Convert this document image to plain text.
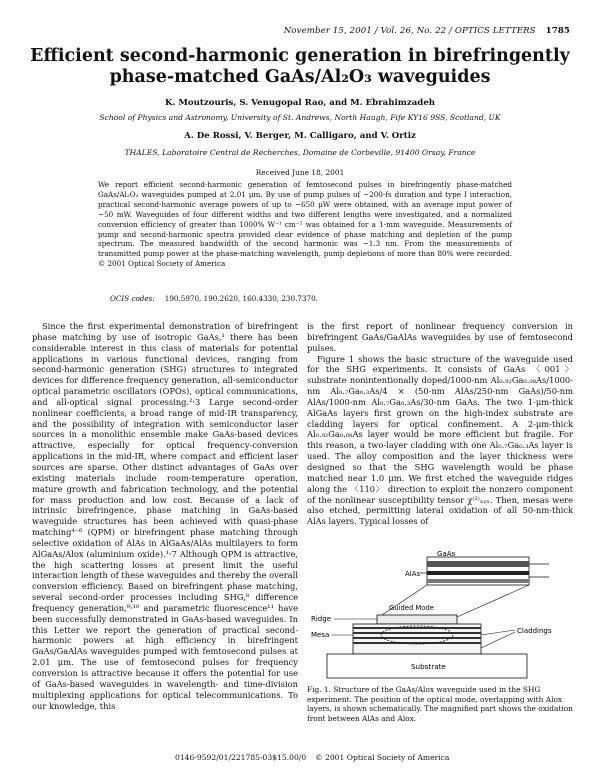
November 15, 2001 / Vol. 26, No. 22 / OPTICS LETTERS 1785
Efficient second-harmonic generation in birefringently
phase-matched GaAs/Al₂O₃ waveguides
K. Moutzouris, S. Venugopal Rao, and M. Ebrahimzadeh
School of Physics and Astronomy, University of St. Andrews, North Haugh, Fife KY16 9SS, Scotland, UK
A. De Rossi, V. Berger, M. Calligaro, and V. Ortiz
THALES, Laboratoire Central de Recherches, Domaine de Corbeville, 91400 Orsay, France
Received June 18, 2001
We report efficient second-harmonic generation of femtosecond pulses in birefringently phase-matched GaAs/Al₂O₃ waveguides pumped at 2.01 μm. By use of pump pulses of ~200-fs duration and type I interaction, practical second-harmonic average powers of up to ~650 μW were obtained, with an average input power of ~50 mW. Waveguides of four different widths and two different lengths were investigated, and a normalized conversion efficiency of greater than 1000% W⁻¹ cm⁻² was obtained for a 1-mm waveguide. Measurements of pump and second-harmonic spectra provided clear evidence of phase matching and depletion of the pump spectrum. The measured bandwidth of the second harmonic was ~1.3 nm. From the measurements of transmitted pump power at the phase-matching wavelength, pump depletions of more than 80% were recorded. © 2001 Optical Society of America
OCIS codes: 190.5970, 190.2620, 160.4330, 230.7370.

Since the first experimental demonstration of birefringent phase matching by use of isotropic GaAs,¹ there has been considerable interest in this class of materials for potential applications in various functional devices, ranging from second-harmonic generation (SHG) structures to integrated devices for difference frequency generation, all-semiconductor optical parametric oscillators (OPOs), optical communications, and all-optical signal processing.²˒3 Large second-order nonlinear coefficients, a broad range of mid-IR transparency, and the possibility of integration with semiconductor laser sources in a monolithic ensemble make GaAs-based devices attractive, especially for optical frequency-conversion applications in the mid-IR, where compact and efficient laser sources are sparse. Other distinct advantages of GaAs over existing materials include room-temperature operation, mature growth and fabrication technology, and the potential for mass production and low cost. Because of a lack of intrinsic birefringence, phase matching in GaAs-based waveguide structures has been achieved with quasi-phase matching⁴⁻⁶ (QPM) or birefringent phase matching through selective oxidation of AlAs in AlGaAs/AlAs multilayers to form AlGaAs/Alox (aluminium oxide).¹˒7 Although QPM is attractive, the high scattering losses at present limit the useful interaction length of these waveguides and thereby the overall conversion efficiency. Based on birefringent phase matching, several second-order processes including SHG,⁸ difference frequency generation,⁹˒¹⁰ and parametric fluorescence¹¹ have been successfully demonstrated in GaAs-based waveguides. In this Letter we report the generation of practical second-harmonic powers at high efficiency in birefringent GaAs/GaAlAs waveguides pumped with femtosecond pulses at 2.01 μm. The use of femtosecond pulses for frequency conversion is attractive because it offers the potential for use of GaAs-based waveguides in wavelength- and time-division multiplexing applications for optical telecommunications. To our knowledge, this

is the first report of nonlinear frequency conversion in birefringent GaAs/GaAlAs waveguides by use of femtosecond pulses.

Figure 1 shows the basic structure of the waveguide used for the SHG experiments. It consists of GaAs 〈001〉 substrate nonintentionally doped/1000-nm Al₀.₉₂Ga₀.₀₈As/1000-nm Al₀.₇Ga₀.₃As/4 × (50-nm AlAs/250-nm GaAs)/50-nm AlAs/1000-nm Al₀.₇Ga₀.₃As/30-nm GaAs. The two 1-μm-thick AlGaAs layers first grown on the high-index substrate are cladding layers for optical confinement. A 2-μm-thick Al₀.₉₂Ga₀.₀₈As layer would be more efficient but fragile. For this reason, a two-layer cladding with one Al₀.₇Ga₀.₃As layer is used. The alloy composition and the layer thickness were designed so that the SHG wavelength would be phase matched near 1.0 μm. We first etched the waveguide ridges along the 〈110〉 direction to exploit the nonzero component of the nonlinear susceptibility tensor χ⁽²⁾ₓᵧₓ. Then, mesas were also etched, permitting lateral oxidation of all 50-nm-thick AlAs layers. Typical losses of

GaAs
AlAs
Guided Mode
Ridge
Mesa	Claddings
Substrate
Fig. 1. Structure of the GaAs/Alox waveguide used in the SHG experiment. The position of the optical mode, overlapping with Alox layers, is shown schematically. The magnified part shows the oxidation front between AlAs and Alox.
0146-9592/01/221785-03$15.00/0 © 2001 Optical Society of America
